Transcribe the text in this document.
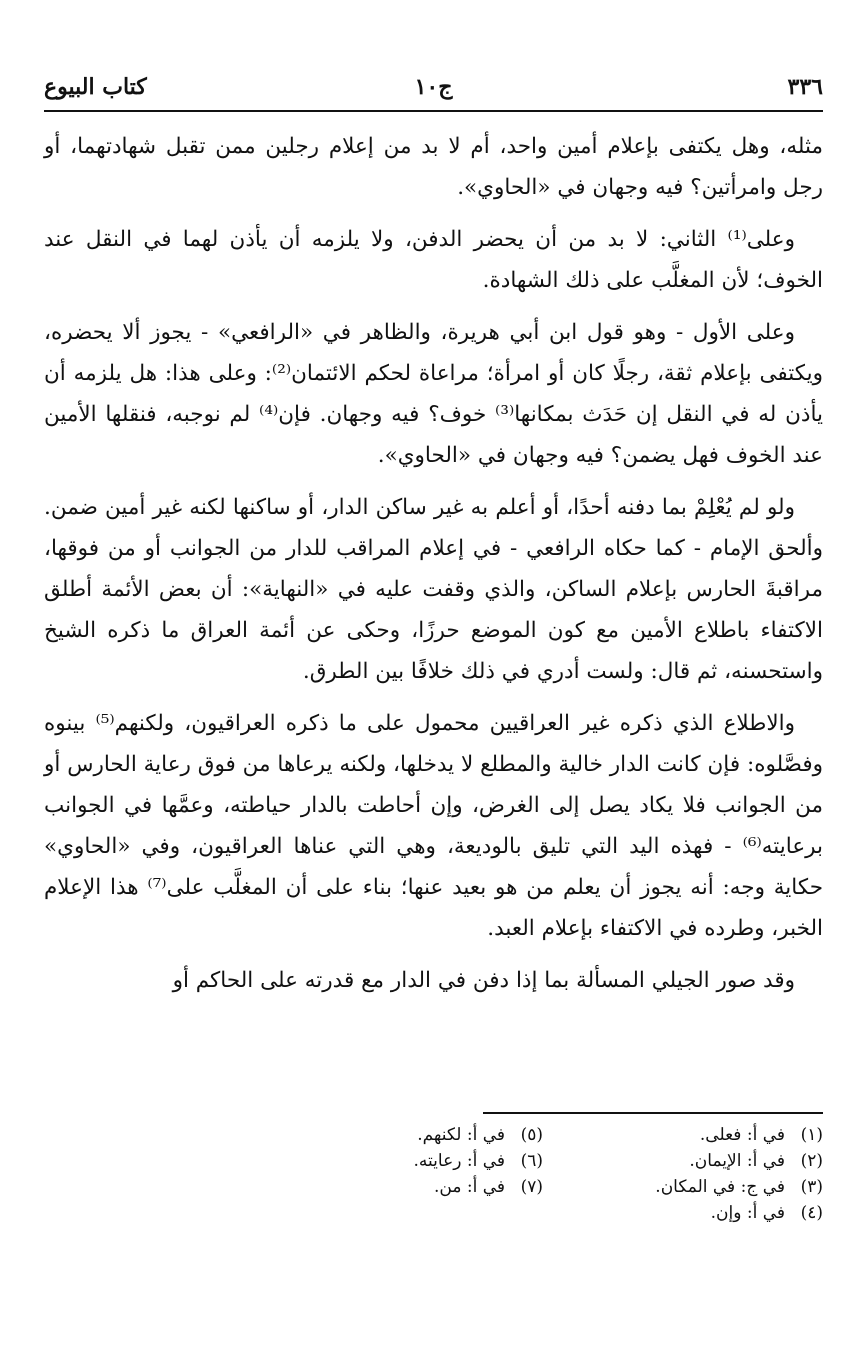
٣٣٦
ج١٠
كتاب البيوع

مثله، وهل يكتفى بإعلام أمين واحد، أم لا بد من إعلام رجلين ممن تقبل شهادتهما، أو رجل وامرأتين؟ فيه وجهان في «الحاوي».

وعلى⁽¹⁾ الثاني: لا بد من أن يحضر الدفن، ولا يلزمه أن يأذن لهما في النقل عند الخوف؛ لأن المغلَّب على ذلك الشهادة.

وعلى الأول - وهو قول ابن أبي هريرة، والظاهر في «الرافعي» - يجوز ألا يحضره، ويكتفى بإعلام ثقة، رجلًا كان أو امرأة؛ مراعاة لحكم الائتمان⁽²⁾: وعلى هذا: هل يلزمه أن يأذن له في النقل إن حَدَث بمكانها⁽³⁾ خوف؟ فيه وجهان. فإن⁽⁴⁾ لم نوجبه، فنقلها الأمين عند الخوف فهل يضمن؟ فيه وجهان في «الحاوي».

ولو لم يُعْلِمْ بما دفنه أحدًا، أو أعلم به غير ساكن الدار، أو ساكنها لكنه غير أمين ضمن. وألحق الإمام - كما حكاه الرافعي - في إعلام المراقب للدار من الجوانب أو من فوقها، مراقبةَ الحارس بإعلام الساكن، والذي وقفت عليه في «النهاية»: أن بعض الأئمة أطلق الاكتفاء باطلاع الأمين مع كون الموضع حرزًا، وحكى عن أئمة العراق ما ذكره الشيخ واستحسنه، ثم قال: ولست أدري في ذلك خلافًا بين الطرق.

والاطلاع الذي ذكره غير العراقيين محمول على ما ذكره العراقيون، ولكنهم⁽⁵⁾ بينوه وفصَّلوه: فإن كانت الدار خالية والمطلع لا يدخلها، ولكنه يرعاها من فوق رعاية الحارس أو من الجوانب فلا يكاد يصل إلى الغرض، وإن أحاطت بالدار حياطته، وعمَّها في الجوانب برعايته⁽⁶⁾ - فهذه اليد التي تليق بالوديعة، وهي التي عناها العراقيون، وفي «الحاوي» حكاية وجه: أنه يجوز أن يعلم من هو بعيد عنها؛ بناء على أن المغلَّب على⁽⁷⁾ هذا الإعلام الخبر، وطرده في الاكتفاء بإعلام العبد.

وقد صور الجيلي المسألة بما إذا دفن في الدار مع قدرته على الحاكم أو

(١)في أ: فعلى.
(٢)في أ: الإيمان.
(٣)في ج: في المكان.
(٤)في أ: وإن.
(٥)في أ: لكنهم.
(٦)في أ: رعايته.
(٧)في أ: من.
